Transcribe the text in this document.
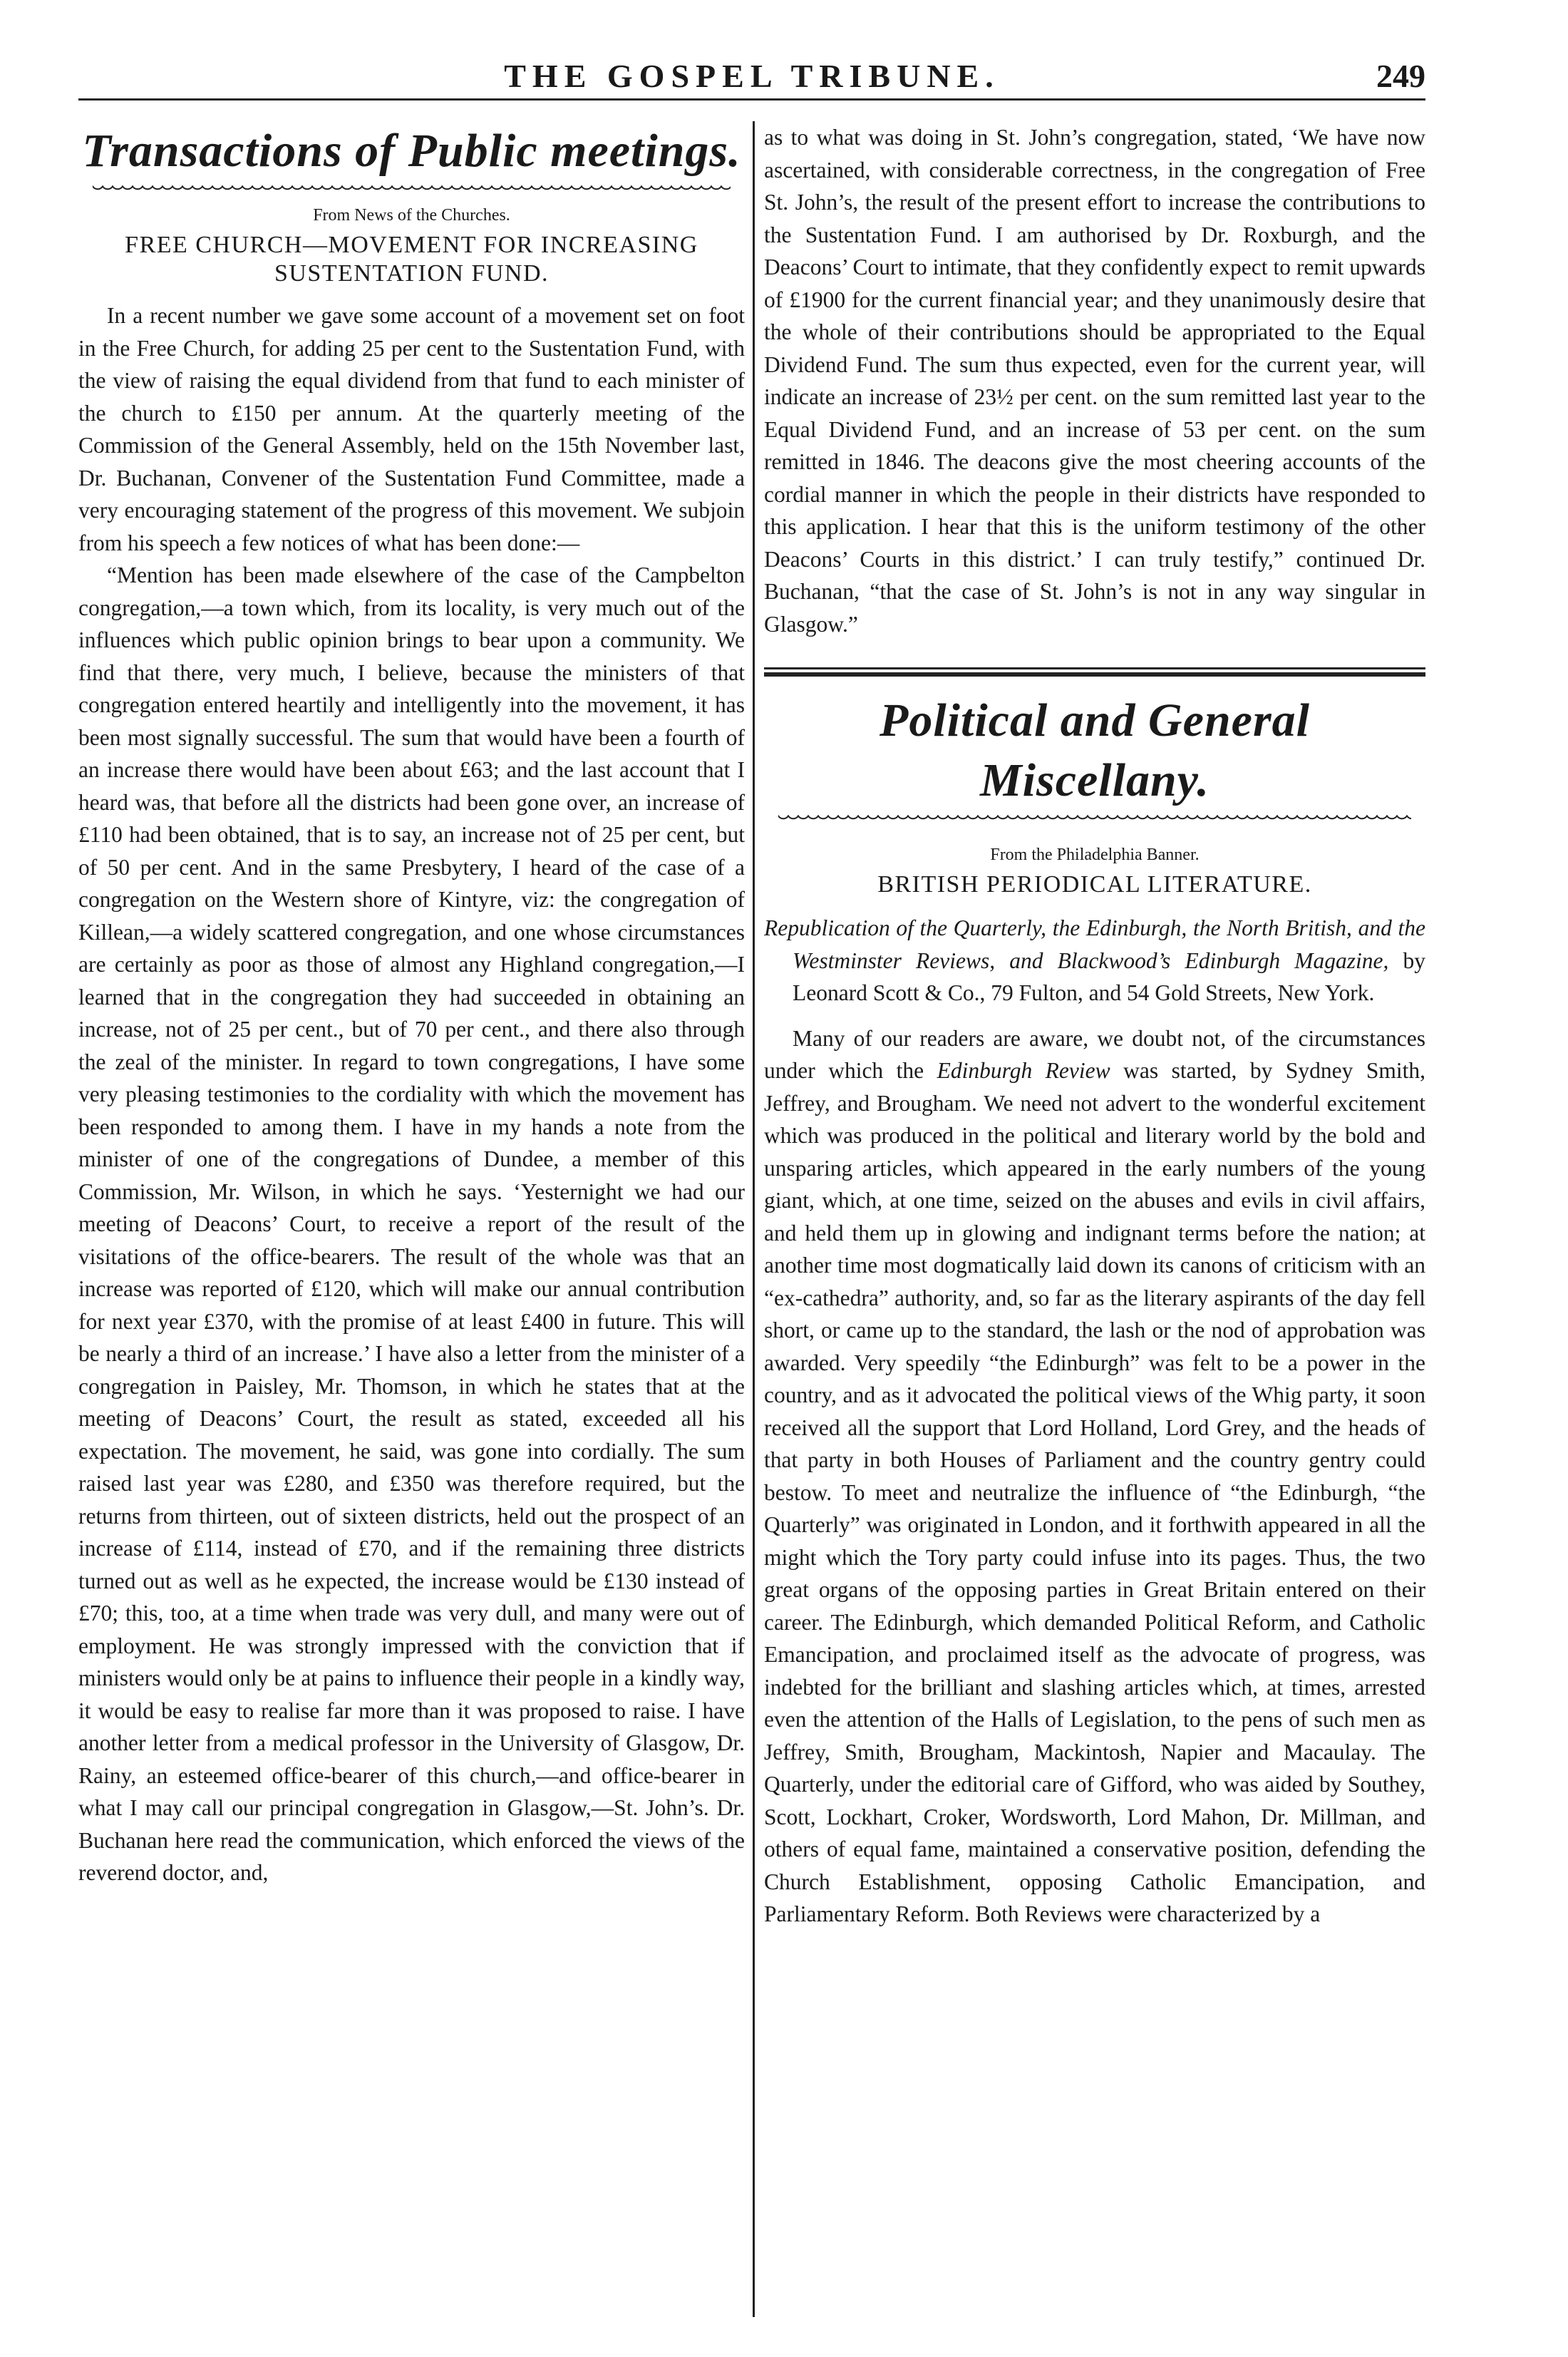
THE GOSPEL TRIBUNE.	249
Transactions of Public meetings.
From News of the Churches.
FREE CHURCH—MOVEMENT FOR INCREASING SUSTENTATION FUND.

In a recent number we gave some account of a movement set on foot in the Free Church, for adding 25 per cent to the Sustentation Fund, with the view of raising the equal dividend from that fund to each minister of the church to £150 per annum. At the quarterly meeting of the Commission of the General Assembly, held on the 15th November last, Dr. Buchanan, Convener of the Sustentation Fund Committee, made a very encouraging statement of the progress of this movement. We subjoin from his speech a few notices of what has been done:—

“Mention has been made elsewhere of the case of the Campbelton congregation,—a town which, from its locality, is very much out of the influences which public opinion brings to bear upon a community. We find that there, very much, I believe, because the ministers of that congregation entered heartily and intelligently into the movement, it has been most signally successful. The sum that would have been a fourth of an increase there would have been about £63; and the last account that I heard was, that before all the districts had been gone over, an increase of £110 had been obtained, that is to say, an increase not of 25 per cent, but of 50 per cent. And in the same Presbytery, I heard of the case of a congregation on the Western shore of Kintyre, viz: the congregation of Killean,—a widely scattered congregation, and one whose circumstances are certainly as poor as those of almost any Highland congregation,—I learned that in the congregation they had succeeded in obtaining an increase, not of 25 per cent., but of 70 per cent., and there also through the zeal of the minister. In regard to town congregations, I have some very pleasing testimonies to the cordiality with which the movement has been responded to among them. I have in my hands a note from the minister of one of the congregations of Dundee, a member of this Commission, Mr. Wilson, in which he says. ‘Yesternight we had our meeting of Deacons’ Court, to receive a report of the result of the visitations of the office-bearers. The result of the whole was that an increase was reported of £120, which will make our annual contribution for next year £370, with the promise of at least £400 in future. This will be nearly a third of an increase.’ I have also a letter from the minister of a congregation in Paisley, Mr. Thomson, in which he states that at the meeting of Deacons’ Court, the result as stated, exceeded all his expectation. The movement, he said, was gone into cordially. The sum raised last year was £280, and £350 was therefore required, but the returns from thirteen, out of sixteen districts, held out the prospect of an increase of £114, instead of £70, and if the remaining three districts turned out as well as he expected, the increase would be £130 instead of £70; this, too, at a time when trade was very dull, and many were out of employment. He was strongly impressed with the conviction that if ministers would only be at pains to influence their people in a kindly way, it would be easy to realise far more than it was proposed to raise. I have another letter from a medical professor in the University of Glasgow, Dr. Rainy, an esteemed office-bearer of this church,—and office-bearer in what I may call our principal congregation in Glasgow,—St. John’s. Dr. Buchanan here read the communication, which enforced the views of the reverend doctor, and,

as to what was doing in St. John’s congregation, stated, ‘We have now ascertained, with considerable correctness, in the congregation of Free St. John’s, the result of the present effort to increase the contributions to the Sustentation Fund. I am authorised by Dr. Roxburgh, and the Deacons’ Court to intimate, that they confidently expect to remit upwards of £1900 for the current financial year; and they unanimously desire that the whole of their contributions should be appropriated to the Equal Dividend Fund. The sum thus expected, even for the current year, will indicate an increase of 23½ per cent. on the sum remitted last year to the Equal Dividend Fund, and an increase of 53 per cent. on the sum remitted in 1846. The deacons give the most cheering accounts of the cordial manner in which the people in their districts have responded to this application. I hear that this is the uniform testimony of the other Deacons’ Courts in this district.’ I can truly testify,” continued Dr. Buchanan, “that the case of St. John’s is not in any way singular in Glasgow.”

Political and General Miscellany.
From the Philadelphia Banner.
BRITISH PERIODICAL LITERATURE.

Republication of the Quarterly, the Edinburgh, the North British, and the Westminster Reviews, and Blackwood’s Edinburgh Magazine, by Leonard Scott & Co., 79 Fulton, and 54 Gold Streets, New York.

Many of our readers are aware, we doubt not, of the circumstances under which the Edinburgh Review was started, by Sydney Smith, Jeffrey, and Brougham. We need not advert to the wonderful excitement which was produced in the political and literary world by the bold and unsparing articles, which appeared in the early numbers of the young giant, which, at one time, seized on the abuses and evils in civil affairs, and held them up in glowing and indignant terms before the nation; at another time most dogmatically laid down its canons of criticism with an “ex-cathedra” authority, and, so far as the literary aspirants of the day fell short, or came up to the standard, the lash or the nod of approbation was awarded. Very speedily “the Edinburgh” was felt to be a power in the country, and as it advocated the political views of the Whig party, it soon received all the support that Lord Holland, Lord Grey, and the heads of that party in both Houses of Parliament and the country gentry could bestow. To meet and neutralize the influence of “the Edinburgh, “the Quarterly” was originated in London, and it forthwith appeared in all the might which the Tory party could infuse into its pages. Thus, the two great organs of the opposing parties in Great Britain entered on their career. The Edinburgh, which demanded Political Reform, and Catholic Emancipation, and proclaimed itself as the advocate of progress, was indebted for the brilliant and slashing articles which, at times, arrested even the attention of the Halls of Legislation, to the pens of such men as Jeffrey, Smith, Brougham, Mackintosh, Napier and Macaulay. The Quarterly, under the editorial care of Gifford, who was aided by Southey, Scott, Lockhart, Croker, Wordsworth, Lord Mahon, Dr. Millman, and others of equal fame, maintained a conservative position, defending the Church Establishment, opposing Catholic Emancipation, and Parliamentary Reform. Both Reviews were characterized by a
